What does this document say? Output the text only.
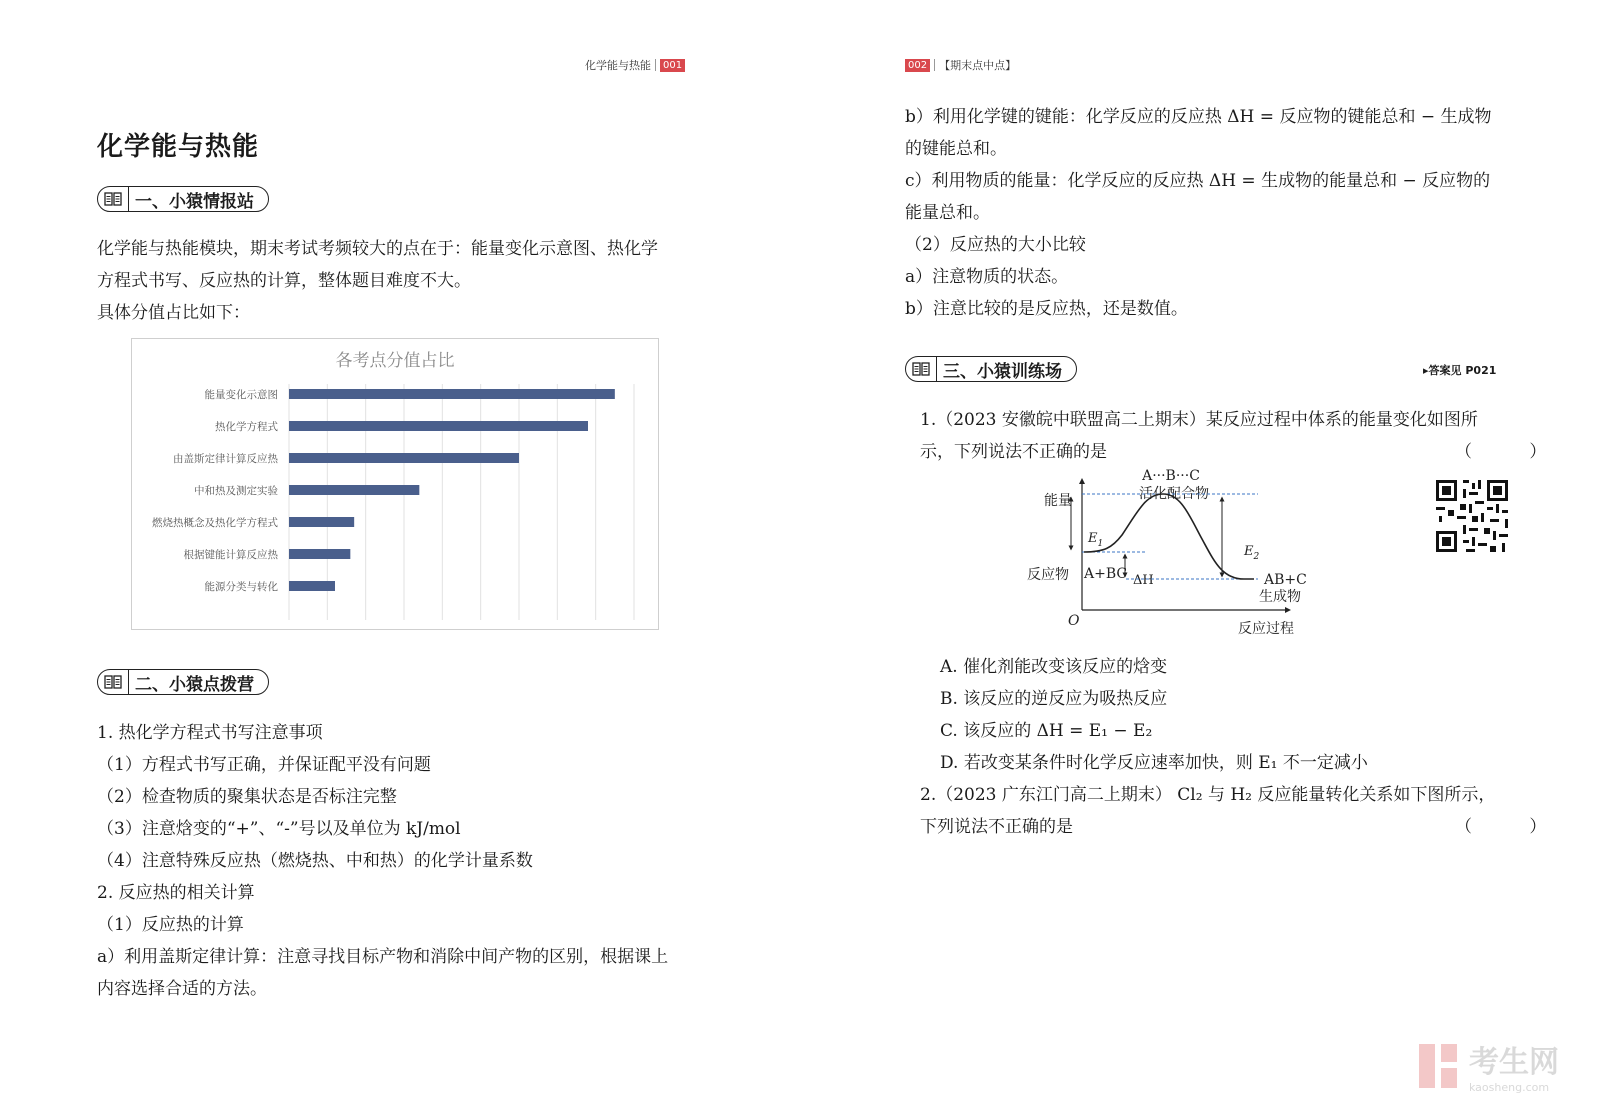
化学能与热能	001	002 【期末点中点】
化学能与热能
一、小猿情报站
化学能与热能模块，期末考试考频较大的点在于：能量变化示意图、热化学
方程式书写、反应热的计算，整体题目难度不大。
具体分值占比如下：
各考点分值占比
能量变化示意图
热化学方程式
由盖斯定律计算反应热
中和热及测定实验
燃烧热概念及热化学方程式
根据键能计算反应热
能源分类与转化
二、小猿点拨营
1. 热化学方程式书写注意事项
（1）方程式书写正确，并保证配平没有问题
（2）检查物质的聚集状态是否标注完整
（3）注意焓变的“+”、“-”号以及单位为 kJ/mol
（4）注意特殊反应热（燃烧热、中和热）的化学计量系数
2. 反应热的相关计算
（1）反应热的计算
a）利用盖斯定律计算：注意寻找目标产物和消除中间产物的区别，根据课上
内容选择合适的方法。
b）利用化学键的键能：化学反应的反应热 ΔH = 反应物的键能总和 − 生成物
的键能总和。
c）利用物质的能量：化学反应的反应热 ΔH = 生成物的能量总和 − 反应物的
能量总和。
（2）反应热的大小比较
a）注意物质的状态。
b）注意比较的是反应热，还是数值。
三、小猿训练场	▸答案见 P021
1.（2023 安徽皖中联盟高二上期末）某反应过程中体系的能量变化如图所
示，下列说法不正确的是	（ ）
A···B···C
活化配合物
能量
反应物 A+BC	AB+C
生成物
反应过程
O
$E_1$	$E_2$
ΔH
A. 催化剂能改变该反应的焓变
B. 该反应的逆反应为吸热反应
C. 该反应的 ΔH = E₁ − E₂
D. 若改变某条件时化学反应速率加快，则 E₁ 不一定减小
2.（2023 广东江门高二上期末） Cl₂ 与 H₂ 反应能量转化关系如下图所示，
下列说法不正确的是	（ ）
考生网
kaosheng.com
